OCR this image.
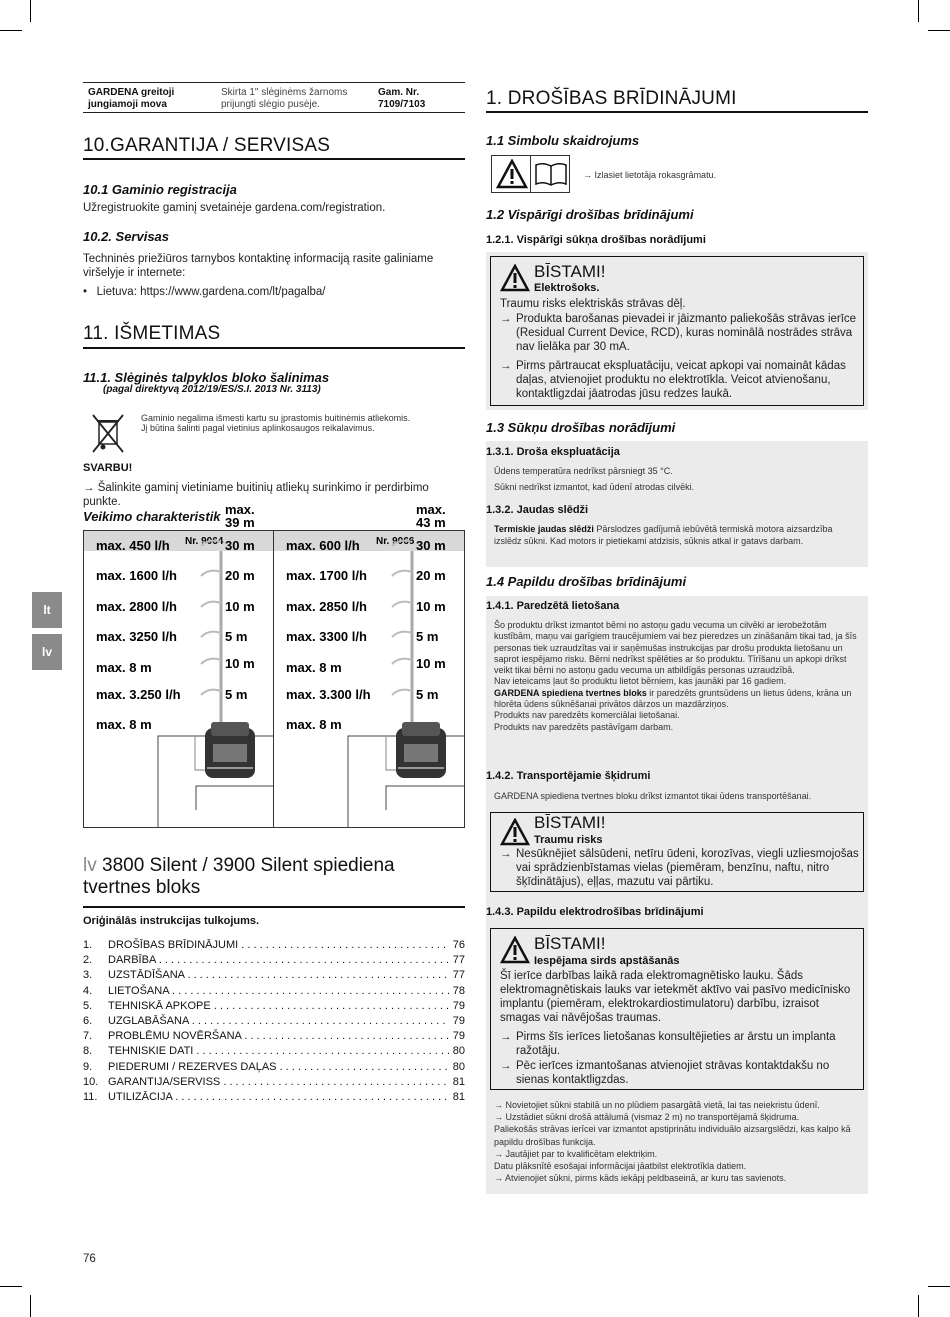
lt
lv
GARDENA greitoji jungiamoji mova
Skirta 1" slėginėms žarnoms prijungti slėgio pusėje.
Gam. Nr.
7109/7103
10.GARANTIJA / SERVISAS
10.1 Gaminio registracija
Užregistruokite gaminį svetainėje gardena.com/registration.
10.2. Servisas
Techninės priežiūros tarnybos kontaktinę informaciją rasite galiniame viršelyje ir internete:
•   Lietuva: https://www.gardena.com/lt/pagalba/
11. IŠMETIMAS
11.1. Slėginės talpyklos bloko šalinimas
(pagal direktyvą 2012/19/ES/S.I. 2013 Nr. 3113)
Gaminio negalima išmesti kartu su įprastomis buitinėmis atliekomis. Jį būtina šalinti pagal vietinius aplinkosaugos reikalavimus.
SVARBU!
→ Šalinkite gaminį vietiniame buitinių atliekų surinkimo ir perdirbimo punkte.
Veikimo charakteristik max.
39 m
Nr. 9064
max. 450 l/h	30 m
max. 1600 l/h	20 m
max. 2800 l/h	10 m
max. 3250 l/h	5 m
max. 8 m	10 m
max. 3.250 l/h	5 m
max. 8 m
max.
43 m
Nr. 9066
max. 600 l/h	30 m
max. 1700 l/h	20 m
max. 2850 l/h	10 m
max. 3300 l/h	5 m
max. 8 m	10 m
max. 3.300 l/h	5 m
max. 8 m
lv 3800 Silent / 3900 Silent spiediena tvertnes bloks
Oriģinālās instrukcijas tulkojums.
1.	DROŠĪBAS BRĪDINĀJUMI . . .	76
2.	DARBĪBA . . .	77
3.	UZSTĀDĪŠANA . . .	77
4.	LIETOŠANA . . .	78
5.	TEHNISKĀ APKOPE . . .	79
6.	UZGLABĀŠANA . . .	79
7.	PROBLĒMU NOVĒRŠANA . . .	79
8.	TEHNISKIE DATI . . .	80
9.	PIEDERUMI / REZERVES DAĻAS . . .	80
10. GARANTIJA/SERVISS . . .	81
11. UTILIZĀCIJA . . .	81
76
1. DROŠĪBAS BRĪDINĀJUMI
1.1 Simbolu skaidrojums
→ Izlasiet lietotāja rokasgrāmatu.
1.2 Vispārīgi drošības brīdinājumi
1.2.1. Vispārīgi sūkņa drošības norādījumi
BĪSTAMI!
Elektrošoks.
Traumu risks elektriskās strāvas dēļ.
→ Produkta barošanas pievadei ir jāizmanto paliekošās strāvas ierīce (Residual Current Device, RCD), kuras nominālā nostrādes strāva nav lielāka par 30 mA.
→ Pirms pārtraucat ekspluatāciju, veicat apkopi vai nomaināt kādas daļas, atvienojiet produktu no elektrotīkla. Veicot atvienošanu, kontaktligzdai jāatrodas jūsu redzes laukā.
1.3 Sūkņu drošības norādījumi
1.3.1. Droša ekspluatācija
Ūdens temperatūra nedrīkst pārsniegt 35 °C.
Sūkni nedrīkst izmantot, kad ūdenī atrodas cilvēki.
1.3.2. Jaudas slēdži
Termiskie jaudas slēdži Pārslodzes gadījumā iebūvētā termiskā motora aizsardzība izslēdz sūkni. Kad motors ir pietiekami atdzisis, sūknis atkal ir gatavs darbam.
1.4 Papildu drošības brīdinājumi
1.4.1. Paredzētā lietošana
Šo produktu drīkst izmantot bērni no astoņu gadu vecuma un cilvēki ar ierobežotām kustībām, maņu vai garīgiem traucējumiem vai bez pieredzes un zināšanām tikai tad, ja šīs personas tiek uzraudzītas vai ir saņēmušas instrukcijas par drošu produkta lietošanu un saprot iespējamo risku. Bērni nedrīkst spēlēties ar šo produktu. Tīrīšanu un apkopi drīkst veikt tikai bērni no astoņu gadu vecuma un atbildīgās personas uzraudzībā.
Nav ieteicams ļaut šo produktu lietot bērniem, kas jaunāki par 16 gadiem.
GARDENA spiediena tvertnes bloks ir paredzēts gruntsūdens un lietus ūdens, krāna un hlorēta ūdens sūknēšanai privātos dārzos un mazdārziņos.
Produkts nav paredzēts komerciālai lietošanai.
Produkts nav paredzēts pastāvīgam darbam.
1.4.2. Transportējamie šķidrumi
GARDENA spiediena tvertnes bloku drīkst izmantot tikai ūdens transportēšanai.
BĪSTAMI!
Traumu risks
→ Nesūknējiet sālsūdeni, netīru ūdeni, korozīvas, viegli uzliesmojošas vai sprādzienbīstamas vielas (piemēram, benzīnu, naftu, nitro šķīdinātājus), eļļas, mazutu vai pārtiku.
1.4.3. Papildu elektrodrošības brīdinājumi
BĪSTAMI!
Iespējama sirds apstāšanās
Šī ierīce darbības laikā rada elektromagnētisko lauku. Šāds elektromagnētiskais lauks var ietekmēt aktīvo vai pasīvo medicīnisko implantu (piemēram, elektrokardiostimulatoru) darbību, izraisot smagas vai nāvējošas traumas.
→ Pirms šīs ierīces lietošanas konsultējieties ar ārstu un implanta ražotāju.
→ Pēc ierīces izmantošanas atvienojiet strāvas kontaktdakšu no sienas kontaktligzdas.
→ Novietojiet sūkni stabilā un no plūdiem pasargātā vietā, lai tas neiekristu ūdenī.
→ Uzstādiet sūkni drošā attālumā (vismaz 2 m) no transportējamā šķidruma.
Paliekošās strāvas ierīcei var izmantot apstiprinātu individuālo aizsargslēdzi, kas kalpo kā papildu drošības funkcija.
→ Jautājiet par to kvalificētam elektriķim.
Datu plāksnītē esošajai informācijai jāatbilst elektrotīkla datiem.
→ Atvienojiet sūkni, pirms kāds iekāpj peldbaseinā, ar kuru tas savienots.
